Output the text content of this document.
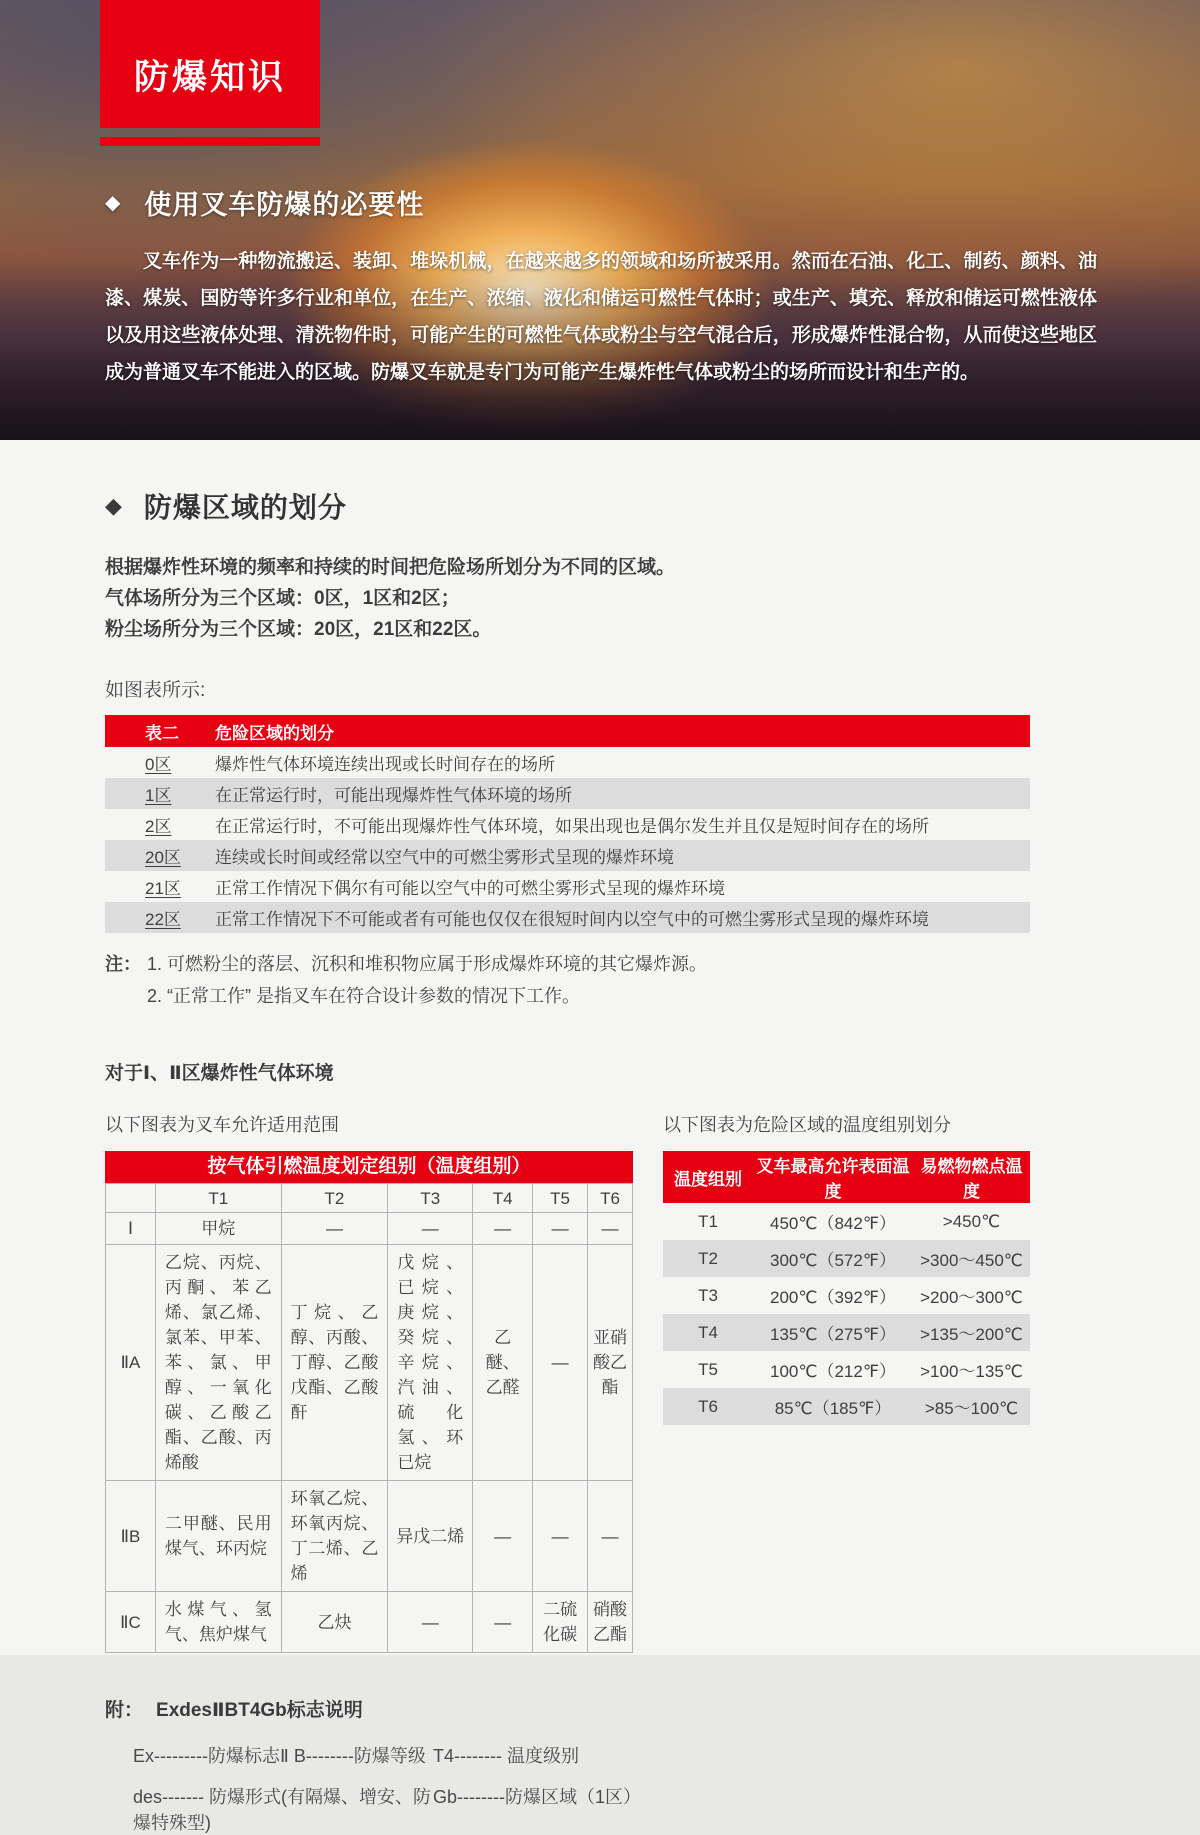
防爆知识
◆ 使用叉车防爆的必要性

叉车作为一种物流搬运、装卸、堆垛机械，在越来越多的领域和场所被采用。然而在石油、化工、制药、颜料、油漆、煤炭、国防等许多行业和单位，在生产、浓缩、液化和储运可燃性气体时；或生产、填充、释放和储运可燃性液体以及用这些液体处理、清洗物件时，可能产生的可燃性气体或粉尘与空气混合后，形成爆炸性混合物，从而使这些地区成为普通叉车不能进入的区域。防爆叉车就是专门为可能产生爆炸性气体或粉尘的场所而设计和生产的。

◆ 防爆区域的划分
根据爆炸性环境的频率和持续的时间把危险场所划分为不同的区域。
气体场所分为三个区域：0区，1区和2区；
粉尘场所分为三个区域：20区，21区和22区。
如图表所示:
表二	危险区域的划分
0区	爆炸性气体环境连续出现或长时间存在的场所
1区	在正常运行时，可能出现爆炸性气体环境的场所
2区	在正常运行时，不可能出现爆炸性气体环境，如果出现也是偶尔发生并且仅是短时间存在的场所
20区	连续或长时间或经常以空气中的可燃尘雾形式呈现的爆炸环境
21区	正常工作情况下偶尔有可能以空气中的可燃尘雾形式呈现的爆炸环境
22区	正常工作情况下不可能或者有可能也仅仅在很短时间内以空气中的可燃尘雾形式呈现的爆炸环境
注： 1. 可燃粉尘的落层、沉积和堆积物应属于形成爆炸环境的其它爆炸源。
2. “正常工作” 是指叉车在符合设计参数的情况下工作。
对于Ⅰ、Ⅱ区爆炸性气体环境
以下图表为叉车允许适用范围
按气体引燃温度划定组别（温度组别）
	T1	T2	T3	T4	T5	T6
Ⅰ	甲烷	—	—	—	—	—
ⅡA	乙烷、丙烷、丙酮、苯乙烯、氯乙烯、氯苯、甲苯、苯、氯、甲醇、一氧化碳、乙酸乙酯、乙酸、丙烯酸	丁烷、乙醇、丙酸、丁醇、乙酸戊酯、乙酸酐	戊烷、已烷、庚烷、癸烷、辛烷、汽油、硫化氢、环已烷	乙醚、乙醛	—	亚硝酸乙酯
ⅡB	二甲醚、民用煤气、环丙烷	环氧乙烷、环氧丙烷、丁二烯、乙烯	异戊二烯	—	—	—
ⅡC	水煤气、氢气、焦炉煤气	乙炔	—	—	二硫化碳	硝酸乙酯
以下图表为危险区域的温度组别划分
温度组别	叉车最高允许表面温度	易燃物燃点温度
T1	450℃（842℉）	>450℃
T2	300℃（572℉）	>300～450℃
T3	200℃（392℉）	>200～300℃
T4	135℃（275℉）	>135～200℃
T5	100℃（212℉）	>100～135℃
T6	85℃（185℉）	>85～100℃
附： ExdesⅡBT4Gb标志说明
Ex---------防爆标志 Ⅱ B--------防爆等级 T4-------- 温度级别
des------- 防爆形式(有隔爆、增安、防爆特殊型)
Gb--------防爆区域（1区）
